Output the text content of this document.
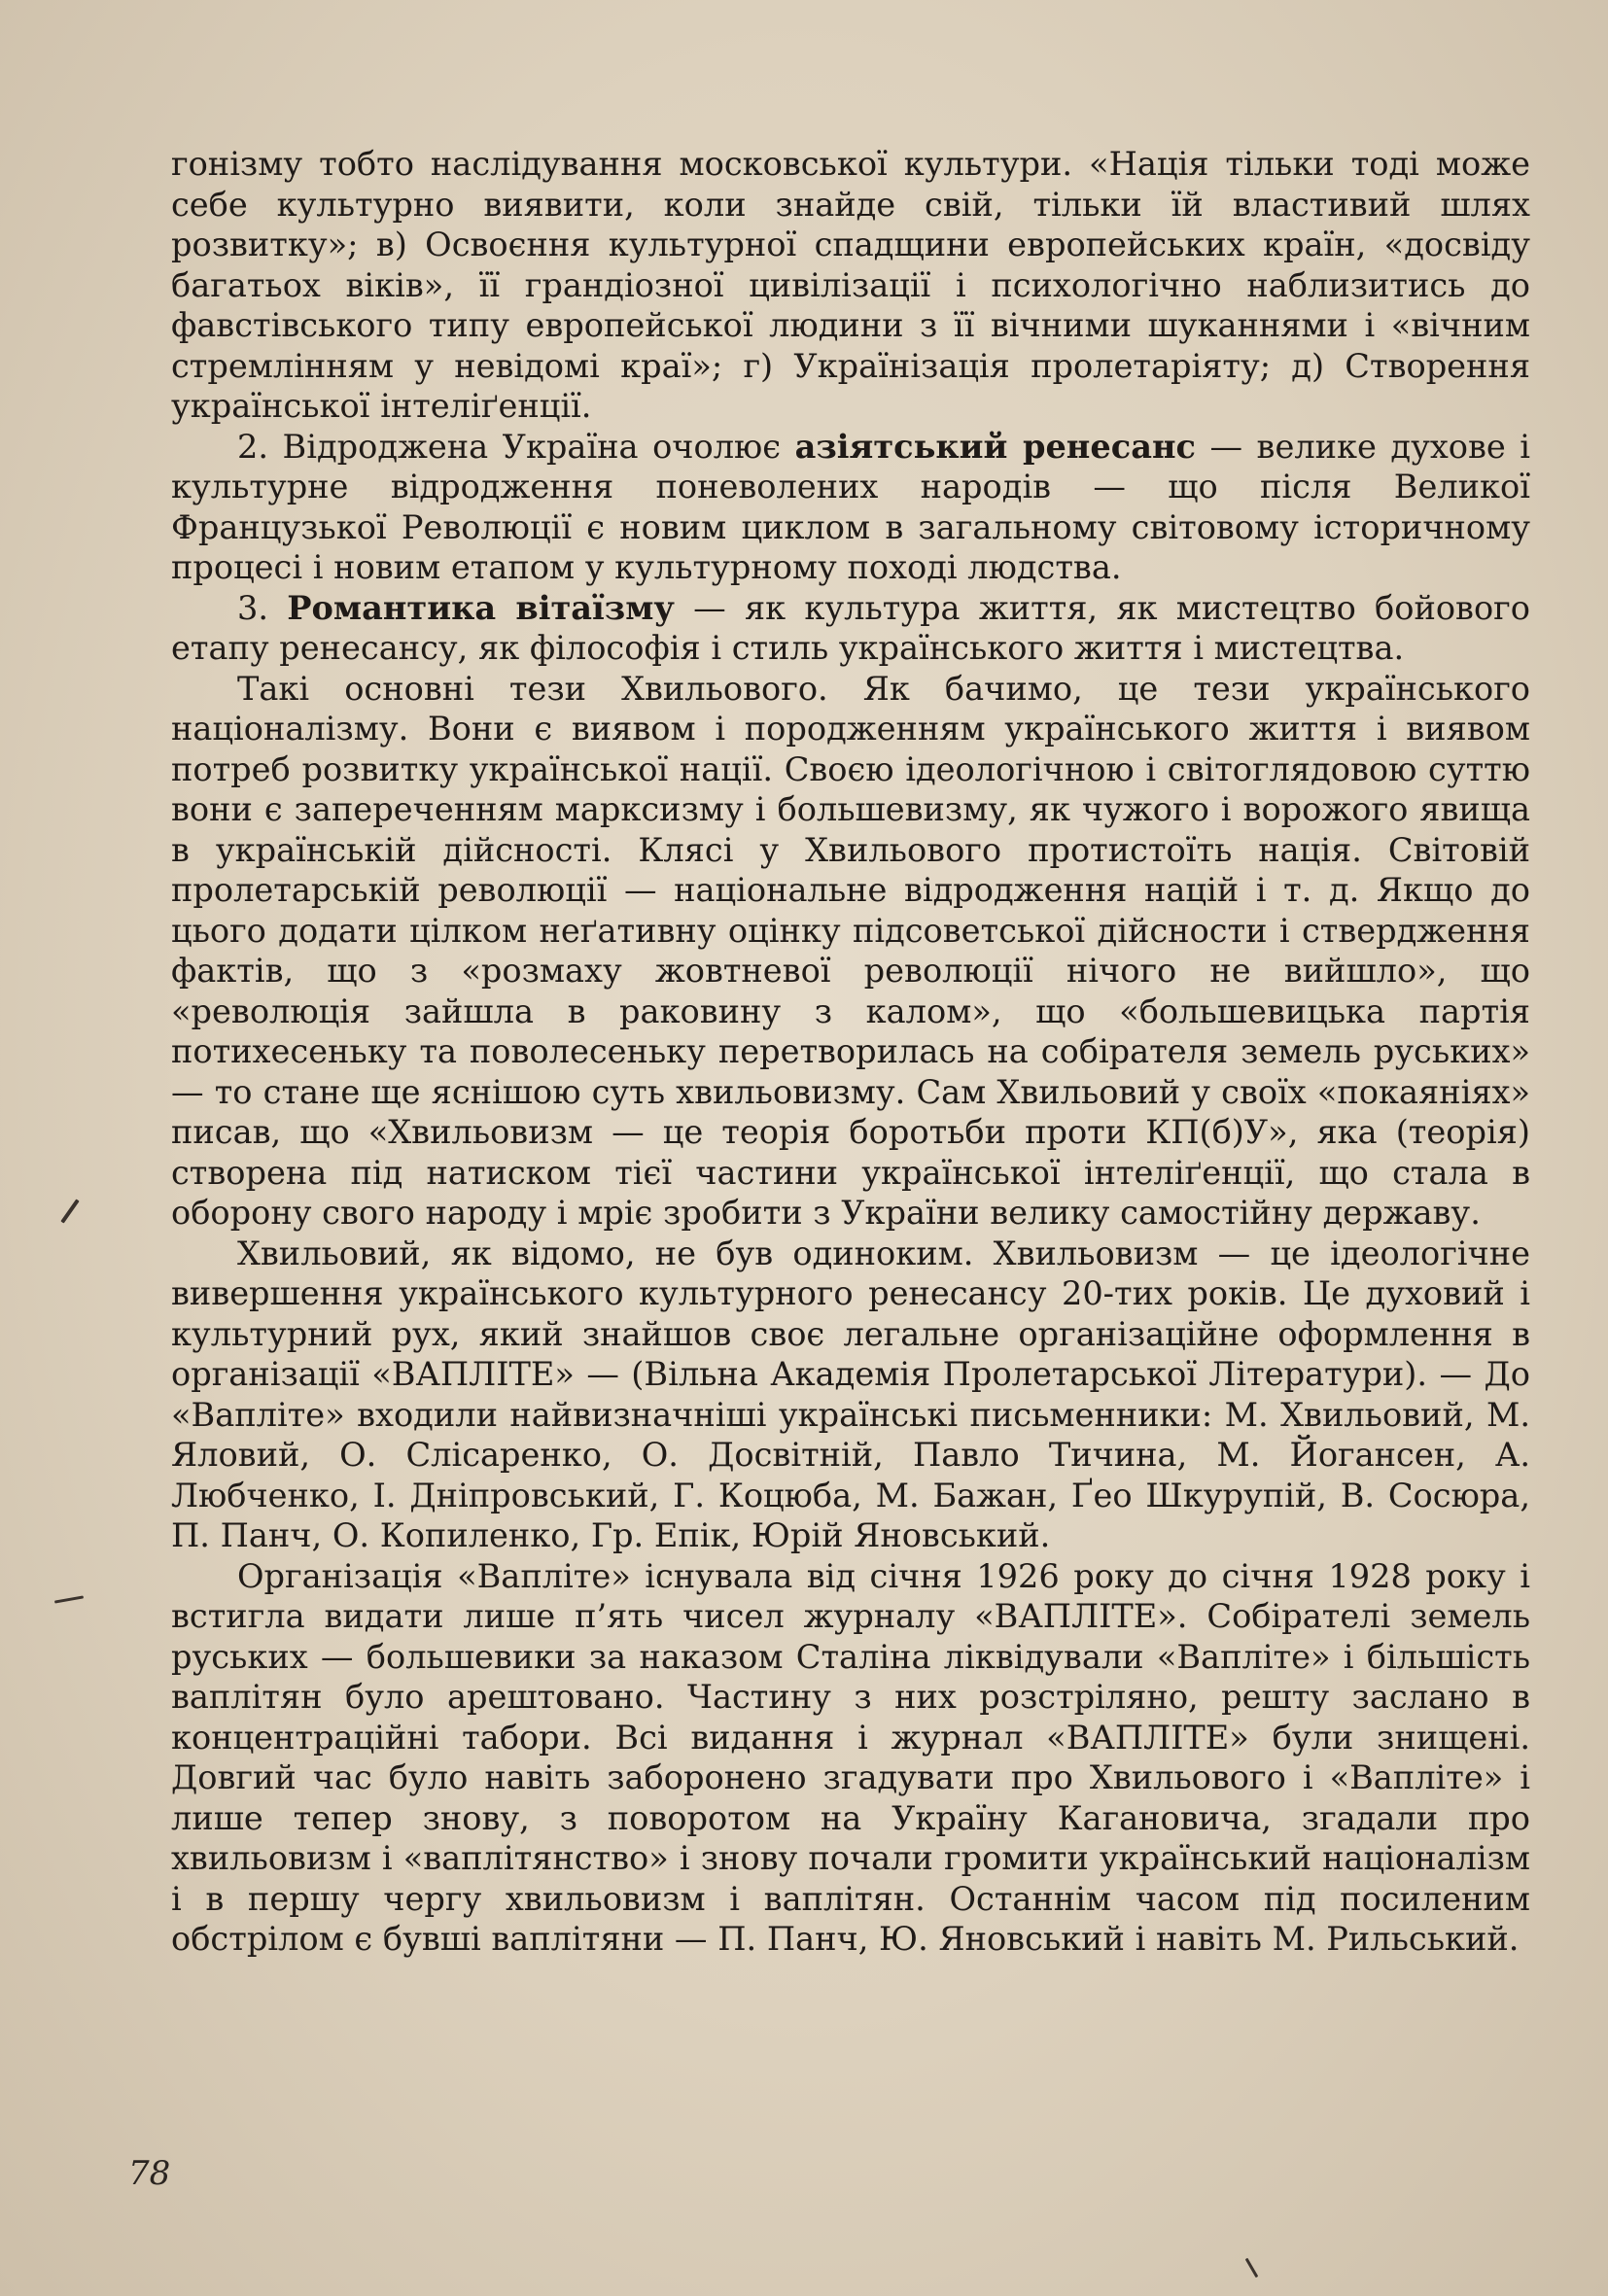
гонізму тобто наслідування московської культури. «Нація тільки тоді може себе культурно виявити, коли знайде свій, тільки їй властивий шлях розвитку»; в) Освоєння культурної спадщини европейських країн, «досвіду багатьох віків», її грандіозної цивілізації і психологічно наблизитись до фавстівського типу европейської людини з її вічними шуканнями і «вічним стремлінням у невідомі краї»; г) Українізація пролетаріяту; д) Створення української інтеліґенції.

2. Відроджена Україна очолює азіятський ренесанс — велике духове і культурне відродження поневолених народів — що після Великої Французької Революції є новим циклом в загальному світовому історичному процесі і новим етапом у культурному поході людства.

3. Романтика вітаїзму — як культура життя, як мистецтво бойового етапу ренесансу, як філософія і стиль українського життя і мистецтва.

Такі основні тези Хвильового. Як бачимо, це тези українського націоналізму. Вони є виявом і породженням українського життя і виявом потреб розвитку української нації. Своєю ідеологічною і світоглядовою суттю вони є запереченням марксизму і большевизму, як чужого і ворожого явища в українській дійсності. Клясі у Хвильового протистоїть нація. Світовій пролетарській революції — національне відродження націй і т. д. Якщо до цього додати цілком неґативну оцінку підсоветської дійсности і ствердження фактів, що з «розмаху жовтневої революції нічого не вийшло», що «революція зайшла в раковину з калом», що «большевицька партія потихесеньку та поволесеньку перетворилась на собірателя земель руських» — то стане ще яснішою суть хвильовизму. Сам Хвильовий у своїх «покаяніях» писав, що «Хвильовизм — це теорія боротьби проти КП(б)У», яка (теорія) створена під натиском тієї частини української інтеліґенції, що стала в оборону свого народу і мріє зробити з України велику самостійну державу.

Хвильовий, як відомо, не був одиноким. Хвильовизм — це ідеологічне вивершення українського культурного ренесансу 20-тих років. Це духовий і культурний рух, який знайшов своє легальне організаційне оформлення в організації «ВАПЛІТЕ» — (Вільна Академія Пролетарської Літератури). — До «Вапліте» входили найвизначніші українські письменники: М. Хвильовий, М. Яловий, О. Слісаренко, О. Досвітній, Павло Тичина, М. Йогансен, А. Любченко, І. Дніпровський, Г. Коцюба, М. Бажан, Ґео Шкурупій, В. Сосюра, П. Панч, О. Копиленко, Гр. Епік, Юрій Яновський.

Організація «Вапліте» існувала від січня 1926 року до січня 1928 року і встигла видати лише п’ять чисел журналу «ВАПЛІТЕ». Собірателі земель руських — большевики за наказом Сталіна ліквідували «Вапліте» і більшість ваплітян було арештовано. Частину з них розстріляно, решту заслано в концентраційні табори. Всі видання і журнал «ВАПЛІТЕ» були знищені. Довгий час було навіть заборонено згадувати про Хвильового і «Вапліте» і лише тепер знову, з поворотом на Україну Кагановича, згадали про хвильовизм і «ваплітянство» і знову почали громити український націоналізм і в першу чергу хвильовизм і ваплітян. Останнім часом під посиленим обстрілом є бувші ваплітяни — П. Панч, Ю. Яновський і навіть М. Рильський.

78
